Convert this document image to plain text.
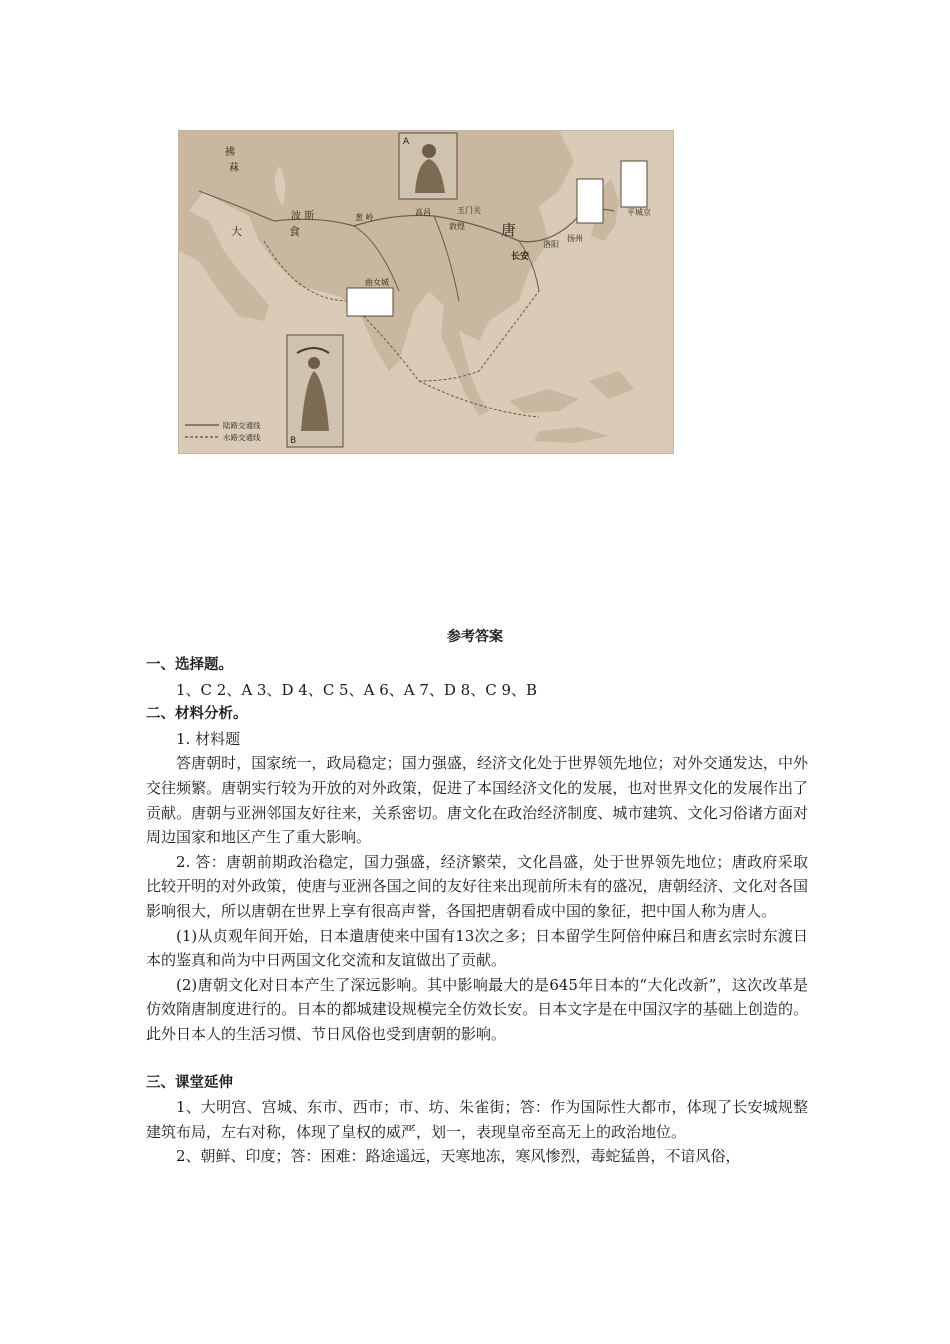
A
B
陆路交通线
水路交通线
拂
菻
大	食
波 斯	葱 岭
高昌	玉门关
敦煌 唐
长安
洛阳
扬州
平城京
曲女城
参考答案
一、选择题。

1、C 2、A 3、D 4、C 5、A 6、A 7、D 8、C 9、B

二、材料分析。

1. 材料题

答唐朝时，国家统一，政局稳定；国力强盛，经济文化处于世界领先地位；对外交通发达，中外交往频繁。唐朝实行较为开放的对外政策，促进了本国经济文化的发展，也对世界文化的发展作出了贡献。唐朝与亚洲邻国友好往来，关系密切。唐文化在政治经济制度、城市建筑、文化习俗诸方面对周边国家和地区产生了重大影响。

2. 答：唐朝前期政治稳定，国力强盛，经济繁荣，文化昌盛，处于世界领先地位；唐政府采取比较开明的对外政策，使唐与亚洲各国之间的友好往来出现前所未有的盛况，唐朝经济、文化对各国影响很大，所以唐朝在世界上享有很高声誉，各国把唐朝看成中国的象征，把中国人称为唐人。

(1)从贞观年间开始，日本遣唐使来中国有13次之多；日本留学生阿倍仲麻吕和唐玄宗时东渡日本的鉴真和尚为中日两国文化交流和友谊做出了贡献。

(2)唐朝文化对日本产生了深远影响。其中影响最大的是645年日本的“大化改新”，这次改革是仿效隋唐制度进行的。日本的都城建设规模完全仿效长安。日本文字是在中国汉字的基础上创造的。此外日本人的生活习惯、节日风俗也受到唐朝的影响。

三、课堂延伸

1、大明宫、宫城、东市、西市；市、坊、朱雀街；答：作为国际性大都市，体现了长安城规整建筑布局，左右对称，体现了皇权的威严，划一，表现皇帝至高无上的政治地位。

2、朝鲜、印度；答：困难：路途遥远，天寒地冻，寒风惨烈，毒蛇猛兽，不谙风俗，
